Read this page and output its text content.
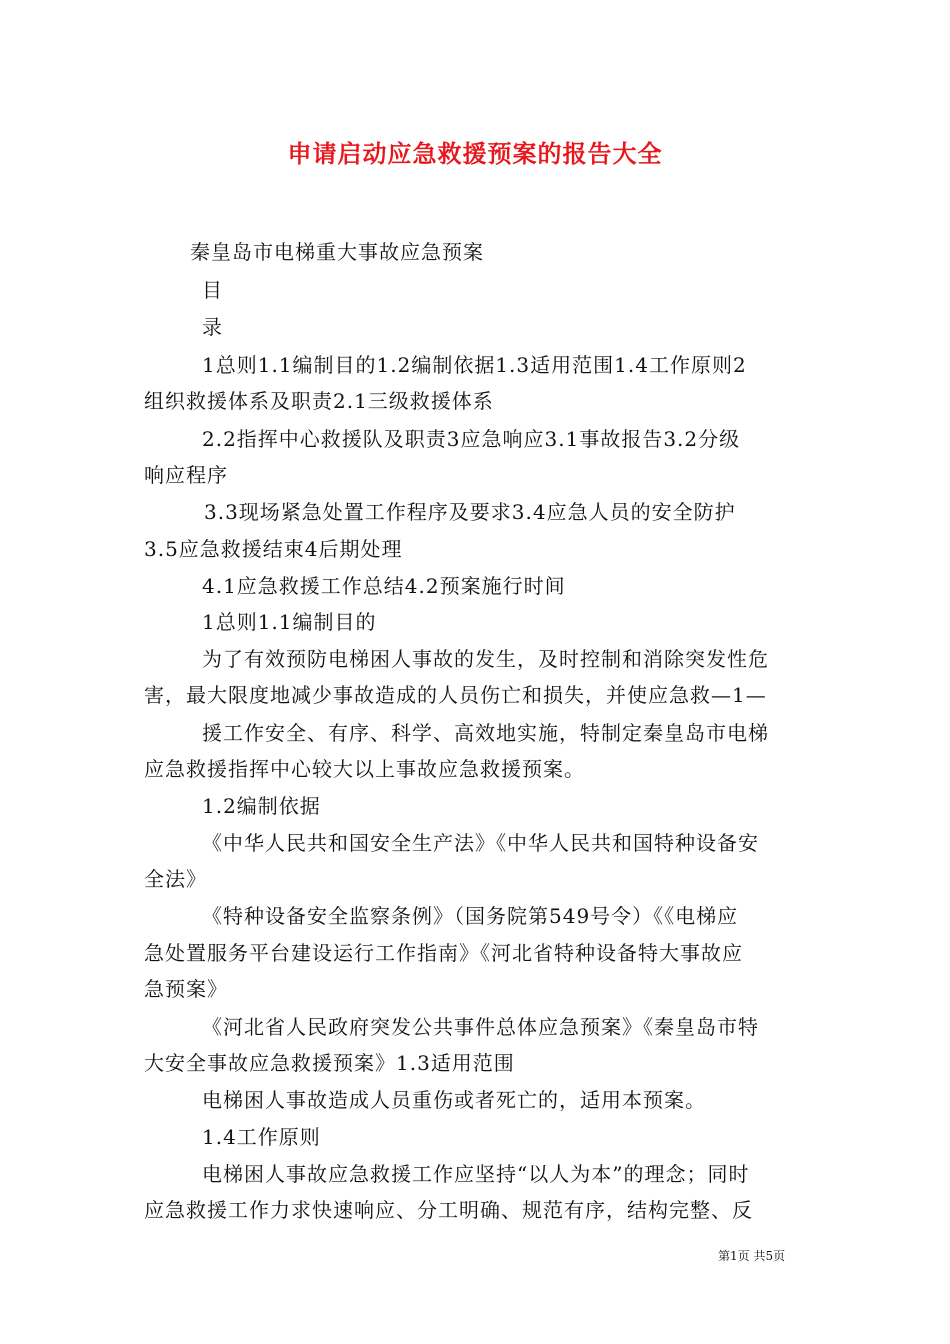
申请启动应急救援预案的报告大全
秦皇岛市电梯重大事故应急预案
目
录
1总则1.1编制目的1.2编制依据1.3适用范围1.4工作原则2
组织救援体系及职责2.1三级救援体系
2.2指挥中心救援队及职责3应急响应3.1事故报告3.2分级
响应程序
3.3现场紧急处置工作程序及要求3.4应急人员的安全防护
3.5应急救援结束4后期处理
4.1应急救援工作总结4.2预案施行时间
1总则1.1编制目的
为了有效预防电梯困人事故的发生，及时控制和消除突发性危
害，最大限度地减少事故造成的人员伤亡和损失，并使应急救—1—
援工作安全、有序、科学、高效地实施，特制定秦皇岛市电梯
应急救援指挥中心较大以上事故应急救援预案。
1.2编制依据
《中华人民共和国安全生产法》《中华人民共和国特种设备安
全法》
《特种设备安全监察条例》（国务院第549号令）《《电梯应
急处置服务平台建设运行工作指南》《河北省特种设备特大事故应
急预案》
《河北省人民政府突发公共事件总体应急预案》《秦皇岛市特
大安全事故应急救援预案》1.3适用范围
电梯困人事故造成人员重伤或者死亡的，适用本预案。
1.4工作原则
电梯困人事故应急救援工作应坚持“以人为本”的理念；同时
应急救援工作力求快速响应、分工明确、规范有序，结构完整、反
第1页 共5页
